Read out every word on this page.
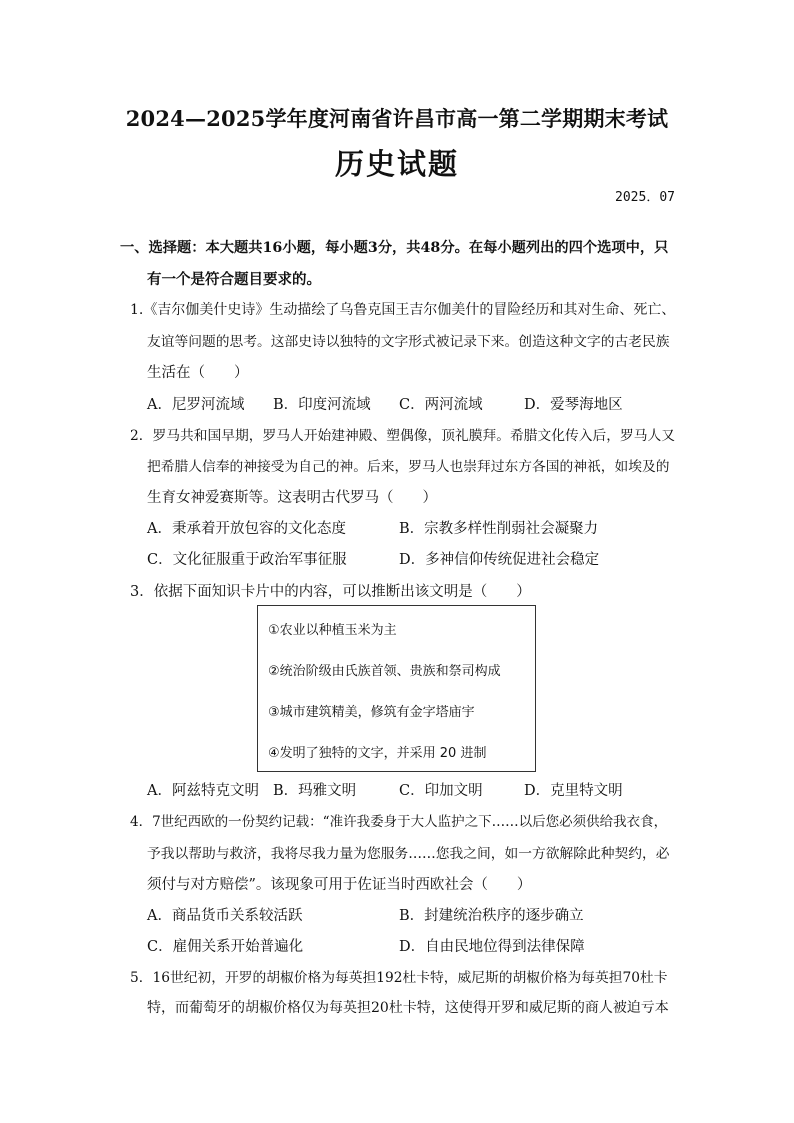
2024—2025学年度河南省许昌市高一第二学期期末考试
历史试题
2025．07
一、选择题：本大题共16小题，每小题3分，共48分。在每小题列出的四个选项中，只
有一个是符合题目要求的。
1.《吉尔伽美什史诗》生动描绘了乌鲁克国王吉尔伽美什的冒险经历和其对生命、死亡、
友谊等问题的思考。这部史诗以独特的文字形式被记录下来。创造这种文字的古老民族
生活在（　　）
A．尼罗河流域 B．印度河流域 C．两河流域	D．爱琴海地区
2．罗马共和国早期，罗马人开始建神殿、塑偶像，顶礼膜拜。希腊文化传入后，罗马人又
把希腊人信奉的神接受为自己的神。后来，罗马人也崇拜过东方各国的神祇，如埃及的
生育女神爱赛斯等。这表明古代罗马（　　）
A．秉承着开放包容的文化态度	B．宗教多样性削弱社会凝聚力
C．文化征服重于政治军事征服	D．多神信仰传统促进社会稳定
3．依据下面知识卡片中的内容，可以推断出该文明是（　　）
①农业以种植玉米为主
②统治阶级由氏族首领、贵族和祭司构成
③城市建筑精美，修筑有金字塔庙宇
④发明了独特的文字，并采用 20 进制
A．阿兹特克文明 B．玛雅文明	C．印加文明	D．克里特文明
4．7世纪西欧的一份契约记载：“准许我委身于大人监护之下……以后您必须供给我衣食，
予我以帮助与救济，我将尽我力量为您服务……您我之间，如一方欲解除此种契约，必
须付与对方赔偿”。该现象可用于佐证当时西欧社会（　　）
A．商品货币关系较活跃	B．封建统治秩序的逐步确立
C．雇佣关系开始普遍化	D．自由民地位得到法律保障
5．16世纪初，开罗的胡椒价格为每英担192杜卡特，威尼斯的胡椒价格为每英担70杜卡
特，而葡萄牙的胡椒价格仅为每英担20杜卡特，这使得开罗和威尼斯的商人被迫亏本
